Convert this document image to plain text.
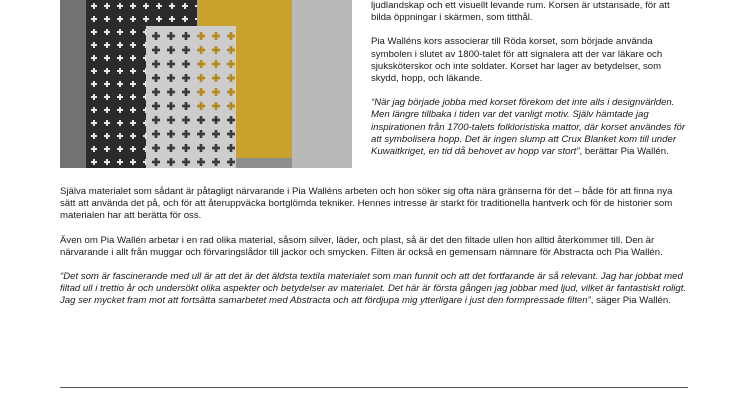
ljudlandskap och ett visuellt levande rum. Korsen är utstansade, för att bilda öppningar i skärmen, som titthål.

Pia Walléns kors associerar till Röda korset, som började använda symbolen i slutet av 1800-talet för att signalera att der var läkare och sjuksköterskor och inte soldater. Korset har lager av betydelser, som skydd, hopp, och läkande.

“När jag började jobba med korset förekom det inte alls i designvärlden. Men längre tillbaka i tiden var det vanligt motiv. Själv hämtade jag inspirationen från 1700-talets folkloristiska mattor, där korset användes för att symbolisera hopp. Det är ingen slump att Crux Blanket kom till under Kuwaitkriget, en tid då behovet av hopp var stort”, berättar Pia Wallén.

Själva materialet som sådant är påtagligt närvarande i Pia Walléns arbeten och hon söker sig ofta nära gränserna för det – både för att finna nya sätt att använda det på, och för att återuppväcka bortglömda tekniker. Hennes intresse är starkt för traditionella hantverk och för de historier som materialen har att berätta för oss.

Även om Pia Wallén arbetar i en rad olika material, såsom silver, läder, och plast, så är det den filtade ullen hon alltid återkommer till. Den är närvarande i allt från muggar och förvaringslådor till jackor och smycken. Filten är också en gemensam nämnare för Abstracta och Pia Wallén.

“Det som är fascinerande med ull är att det är det äldsta textila materialet som man funnit och att det fortfarande är så relevant. Jag har jobbat med filtad ull i trettio år och undersökt olika aspekter och betydelser av materialet. Det här är första gången jag jobbar med ljud, vilket är fantastiskt roligt. Jag ser mycket fram mot att fortsätta samarbetet med Abstracta och att fördjupa mig ytterligare i just den formpressade filten”, säger Pia Wallén.
